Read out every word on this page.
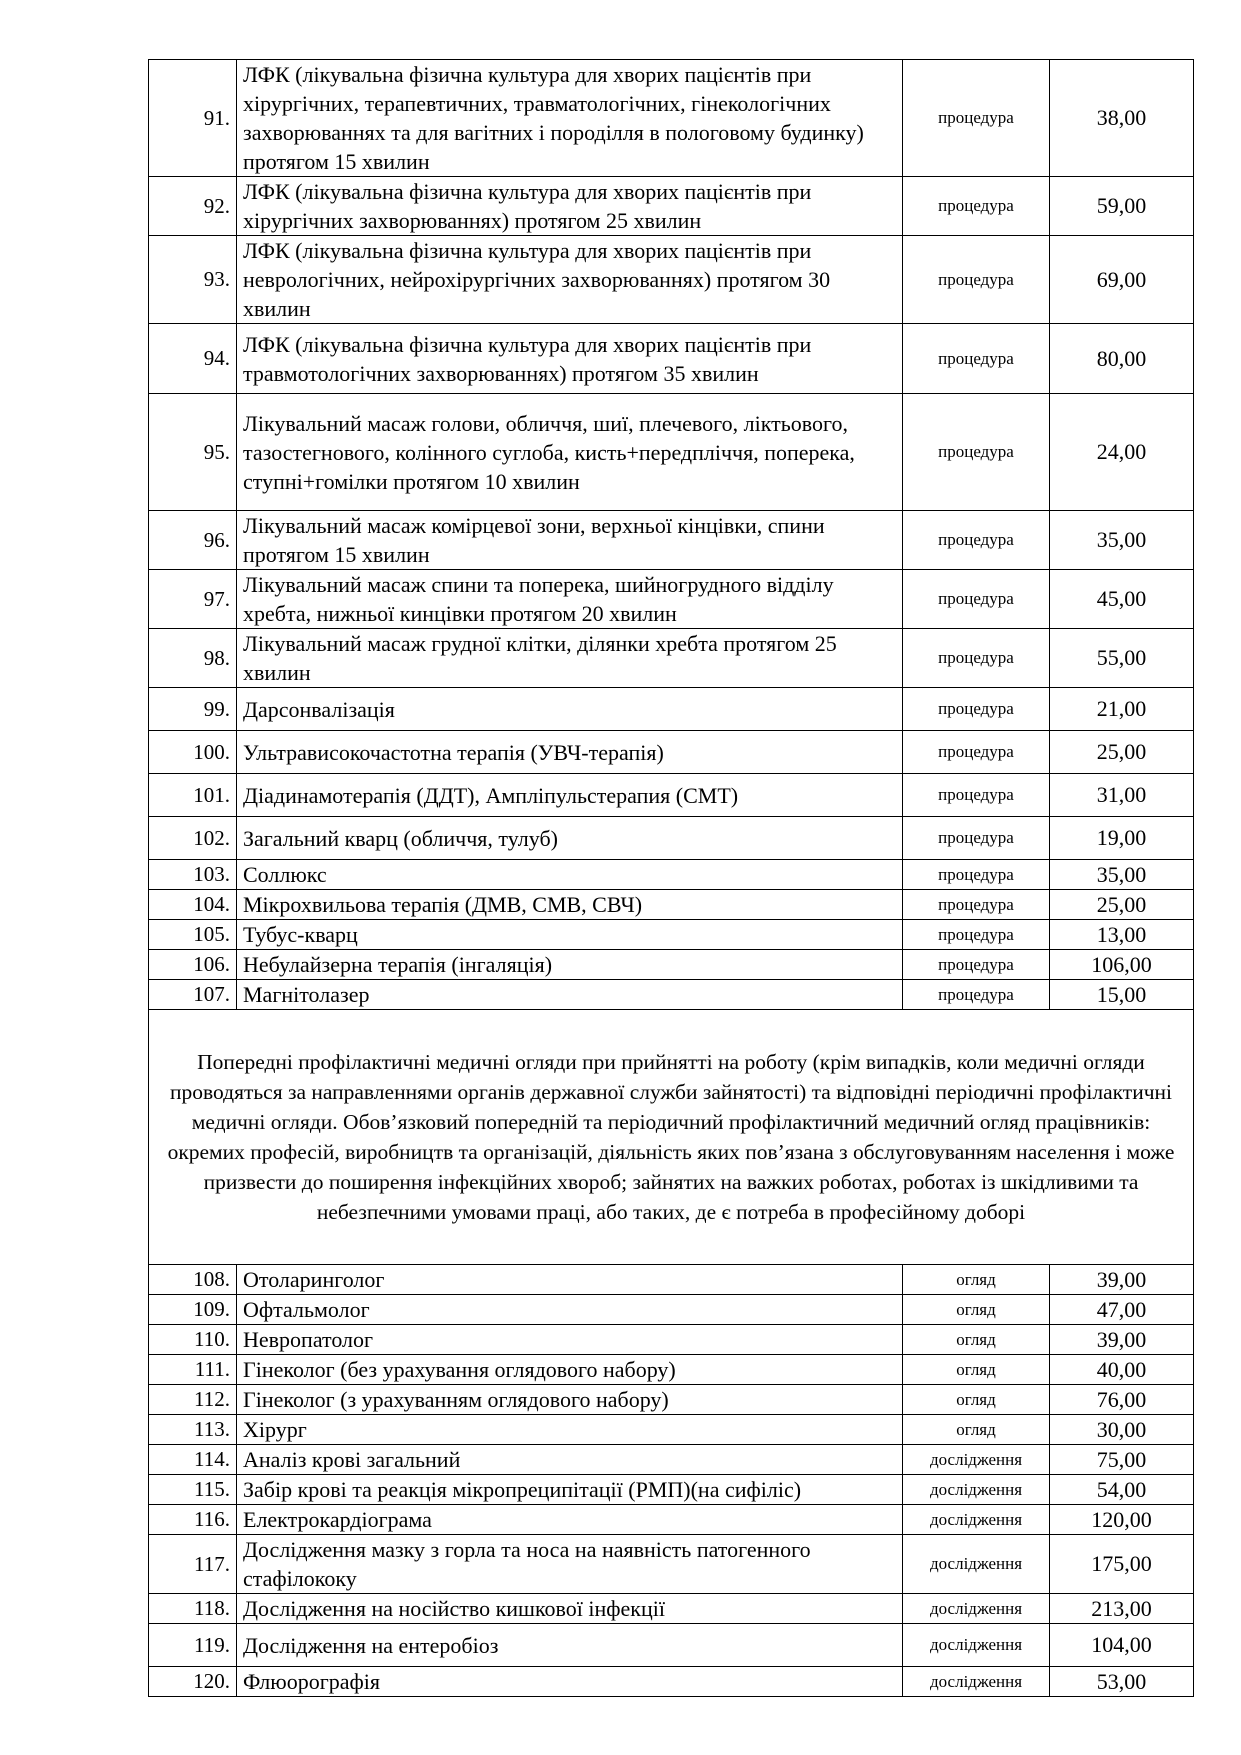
91.	ЛФК (лікувальна фізична культура для хворих пацієнтів при хірургічних, терапевтичних, травматологічних, гінекологічних захворюваннях та для вагітних і породілля в пологовому будинку) протягом 15 хвилин	процедура	38,00
92.	ЛФК (лікувальна фізична культура для хворих пацієнтів при хірургічних захворюваннях) протягом 25 хвилин	процедура	59,00
93.	ЛФК (лікувальна фізична культура для хворих пацієнтів при неврологічних, нейрохірургічних захворюваннях) протягом 30 хвилин	процедура	69,00
94.	ЛФК (лікувальна фізична культура для хворих пацієнтів при травмотологічних захворюваннях) протягом 35 хвилин	процедура	80,00
95.	Лікувальний масаж голови, обличчя, шиї, плечевого, ліктьового, тазостегнового, колінного суглоба, кисть+передпліччя, поперека, ступні+гомілки протягом 10 хвилин	процедура	24,00
96.	Лікувальний масаж комірцевої зони, верхньої кінцівки, спини протягом 15 хвилин	процедура	35,00
97.	Лікувальний масаж спини та поперека, шийногрудного відділу хребта, нижньої кинцівки протягом 20 хвилин	процедура	45,00
98.	Лікувальний масаж грудної клітки, ділянки хребта протягом 25 хвилин	процедура	55,00
99.	Дарсонвалізація	процедура	21,00
100.	Ультрависокочастотна терапія (УВЧ-терапія)	процедура	25,00
101.	Діадинамотерапія (ДДТ), Ампліпульстерапия (СМТ)	процедура	31,00
102.	Загальний кварц (обличчя, тулуб)	процедура	19,00
103.	Соллюкс	процедура	35,00
104.	Мікрохвильова терапія (ДМВ, СМВ, СВЧ)	процедура	25,00
105.	Тубус-кварц	процедура	13,00
106.	Небулайзерна терапія (інгаляція)	процедура	106,00
107.	Магнітолазер	процедура	15,00
Попередні профілактичні медичні огляди при прийнятті на роботу (крім випадків, коли медичні огляди проводяться за направленнями органів державної служби зайнятості) та відповідні періодичні профілактичні медичні огляди. Обов’язковий попередній та періодичний профілактичний медичний огляд працівників: окремих професій, виробництв та організацій, діяльність яких пов’язана з обслуговуванням населення і може призвести до поширення інфекційних хвороб; зайнятих на важких роботах, роботах із шкідливими та небезпечними умовами праці, або таких, де є потреба в професійному доборі			
108.	Отоларинголог	огляд	39,00
109.	Офтальмолог	огляд	47,00
110.	Невропатолог	огляд	39,00
111.	Гінеколог (без урахування оглядового набору)	огляд	40,00
112.	Гінеколог (з урахуванням оглядового набору)	огляд	76,00
113.	Хірург	огляд	30,00
114.	Аналіз крові загальний	дослідження	75,00
115.	Забір крові та реакція мікропреципітації (РМП)(на сифіліс)	дослідження	54,00
116.	Електрокардіограма	дослідження	120,00
117.	Дослідження мазку з горла та носа на наявність патогенного стафілококу	дослідження	175,00
118.	Дослідження на носійство кишкової інфекції	дослідження	213,00
119.	Дослідження на ентеробіоз	дослідження	104,00
120.	Флюорографія	дослідження	53,00
